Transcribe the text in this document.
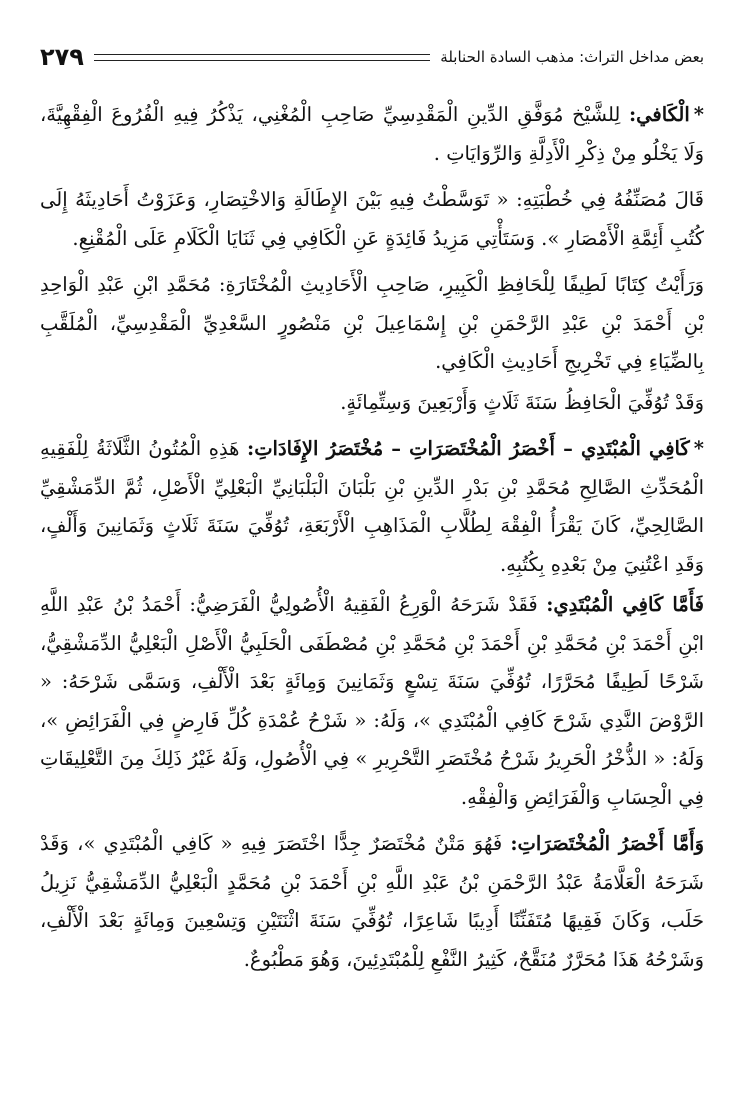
بعض مداخل التراث: مذهب السادة الحنابلة
٢٧٩

*الْكَافي: لِلشَّيْخ مُوَفَّقِ الدِّينِ الْمَقْدِسِيِّ صَاحِبِ الْمُغْنِي، يَذْكُرُ فِيهِ الْفُرُوعَ الْفِقْهِيَّةَ، وَلَا يَخْلُو مِنْ ذِكْرِ الْأَدِلَّةِ وَالرِّوَايَاتِ .

قَالَ مُصَنِّفُهُ فِي خُطْبَتِهِ: « تَوَسَّطْتُ فِيهِ بَيْنَ الإِطَالَةِ وَالاخْتِصَارِ، وَعَزَوْتُ أَحَادِيثَهُ إِلَى كُتُبِ أَئِمَّةِ الْأَمْصَارِ ». وَسَتَأْتِي مَزِيدُ فَائِدَةٍ عَنِ الْكَافِي فِي ثَنَايَا الْكَلَامِ عَلَى الْمُقْنِعِ.

وَرَأَيْتُ كِتَابًا لَطِيفًا لِلْحَافِظِ الْكَبِيرِ، صَاحِبِ الْأَحَادِيثِ الْمُخْتَارَةِ: مُحَمَّدِ ابْنِ عَبْدِ الْوَاحِدِ بْنِ أَحْمَدَ بْنِ عَبْدِ الرَّحْمَنِ بْنِ إِسْمَاعِيلَ بْنِ مَنْصُورٍ السَّعْدِيِّ الْمَقْدِسِيِّ، الْمُلَقَّبِ بِالضِّيَاءِ فِي تَخْرِيجِ أَحَادِيثِ الْكَافِي.

وَقَدْ تُوُفِّيَ الْحَافِظُ سَنَةَ ثَلَاثٍ وَأَرْبَعِينَ وَسِتِّمِائَةٍ.

*كَافِي الْمُبْتَدِي – أَخْصَرُ الْمُخْتَصَرَاتِ – مُخْتَصَرُ الإِفَادَاتِ: هَذِهِ الْمُتُونُ الثَّلَاثَةُ لِلْفَقِيهِ الْمُحَدِّثِ الصَّالِحِ مُحَمَّدِ بْنِ بَدْرِ الدِّينِ بْنِ بَلْبَانَ الْبَلْبَانِيِّ الْبَعْلِيِّ الْأَصْلِ، ثُمَّ الدِّمَشْقِيِّ الصَّالِحِيِّ، كَانَ يَقْرَأُ الْفِقْهَ لِطُلَّابِ الْمَذَاهِبِ الْأَرْبَعَةِ، تُوُفِّيَ سَنَةَ ثَلَاثٍ وَثَمَانِينَ وَأَلْفٍ، وَقَدِ اعْتُنِيَ مِنْ بَعْدِهِ بِكُتُبِهِ.

فَأَمَّا كَافِي الْمُبْتَدِي: فَقَدْ شَرَحَهُ الْوَرِعُ الْفَقِيهُ الْأُصُولِيُّ الْفَرَضِيُّ: أَحْمَدُ بْنُ عَبْدِ اللَّهِ ابْنِ أَحْمَدَ بْنِ مُحَمَّدِ بْنِ أَحْمَدَ بْنِ مُحَمَّدِ بْنِ مُصْطَفَى الْحَلَبِيُّ الْأَصْلِ الْبَعْلِيُّ الدِّمَشْقِيُّ، شَرْحًا لَطِيفًا مُحَرَّرًا، تُوُفِّيَ سَنَةَ تِسْعٍ وَثَمَانِينَ وَمِائَةٍ بَعْدَ الْأَلْفِ، وَسَمَّى شَرْحَهُ: « الرَّوْضَ النَّدِي شَرْحَ كَافِي الْمُبْتَدِي »، وَلَهُ: « شَرْحُ عُمْدَةِ كُلِّ فَارِضٍ فِي الْفَرَائِضِ »، وَلَهُ: « الذُّخْرُ الْحَرِيرُ شَرْحُ مُخْتَصَرِ التَّحْرِيرِ » فِي الْأُصُولِ، وَلَهُ غَيْرُ ذَلِكَ مِنَ التَّعْلِيقَاتِ فِي الْحِسَابِ وَالْفَرَائِضِ وَالْفِقْهِ.

وَأَمَّا أَخْصَرُ الْمُخْتَصَرَاتِ: فَهُوَ مَتْنٌ مُخْتَصَرٌ جِدًّا اخْتَصَرَ فِيهِ « كَافِي الْمُبْتَدِي »، وَقَدْ شَرَحَهُ الْعَلَّامَةُ عَبْدُ الرَّحْمَنِ بْنُ عَبْدِ اللَّهِ بْنِ أَحْمَدَ بْنِ مُحَمَّدٍ الْبَعْلِيُّ الدِّمَشْقِيُّ نَزِيلُ حَلَب، وَكَانَ فَقِيهًا مُتَفَنِّنًا أَدِيبًا شَاعِرًا، تُوُفِّيَ سَنَةَ اثْنَتَيْنِ وَتِسْعِينَ وَمِائَةٍ بَعْدَ الْأَلْفِ، وَشَرْحُهُ هَذَا مُحَرَّرٌ مُنَقَّحٌ، كَثِيرُ النَّفْعِ لِلْمُبْتَدِئِينَ، وَهُوَ مَطْبُوعٌ.
